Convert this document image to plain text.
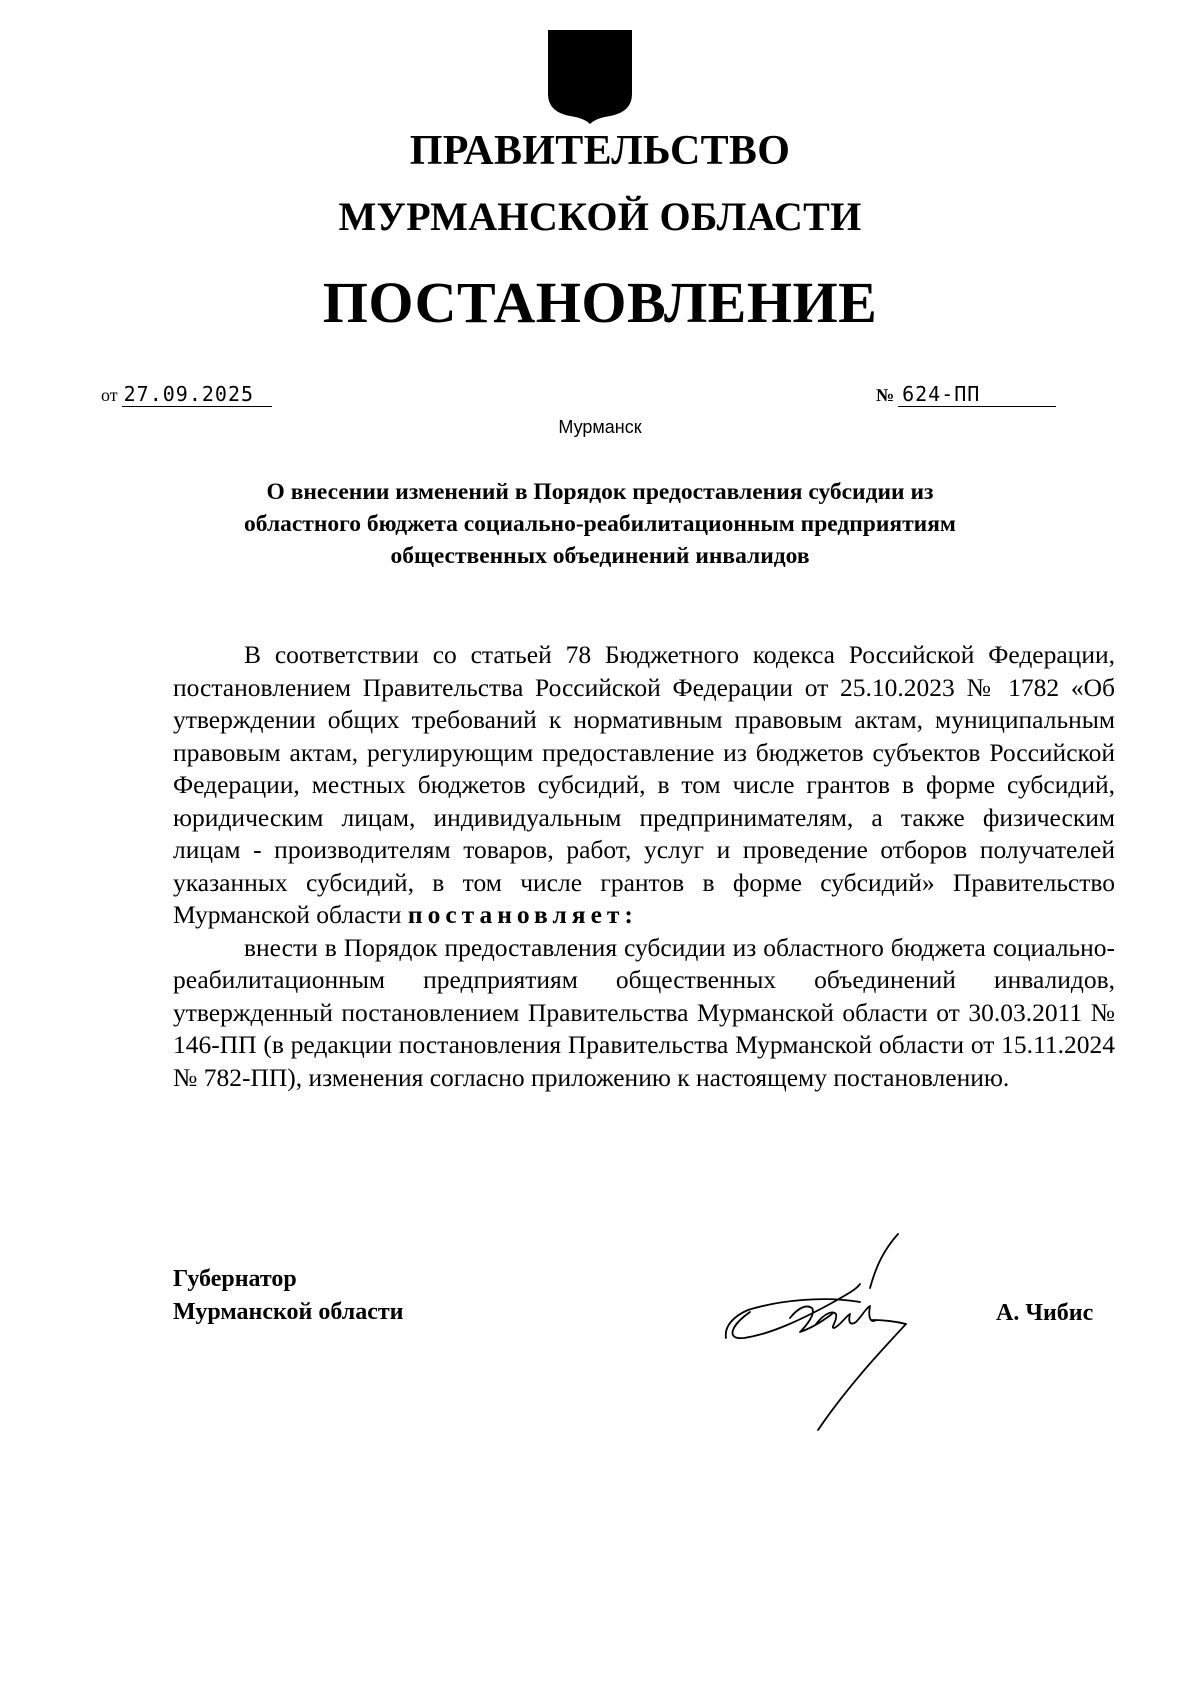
ПРАВИТЕЛЬСТВО
МУРМАНСКОЙ ОБЛАСТИ
ПОСТАНОВЛЕНИЕ
от 27.09.2025	№ 624-ПП

Мурманск

О внесении изменений в Порядок предоставления субсидии из
областного бюджета социально-реабилитационным предприятиям
общественных объединений инвалидов

В соответствии со статьей 78 Бюджетного кодекса Российской Федерации, постановлением Правительства Российской Федерации от 25.10.2023 № 1782 «Об утверждении общих требований к нормативным правовым актам, муниципальным правовым актам, регулирующим предоставление из бюджетов субъектов Российской Федерации, местных бюджетов субсидий, в том числе грантов в форме субсидий, юридическим лицам, индивидуальным предпринимателям, а также физическим лицам - производителям товаров, работ, услуг и проведение отборов получателей указанных субсидий, в том числе грантов в форме субсидий» Правительство Мурманской области постановляет:

внести в Порядок предоставления субсидии из областного бюджета социально-реабилитационным предприятиям общественных объединений инвалидов, утвержденный постановлением Правительства Мурманской области от 30.03.2011 № 146-ПП (в редакции постановления Правительства Мурманской области от 15.11.2024 № 782-ПП), изменения согласно приложению к настоящему постановлению.

Губернатор
Мурманской области	А. Чибис
